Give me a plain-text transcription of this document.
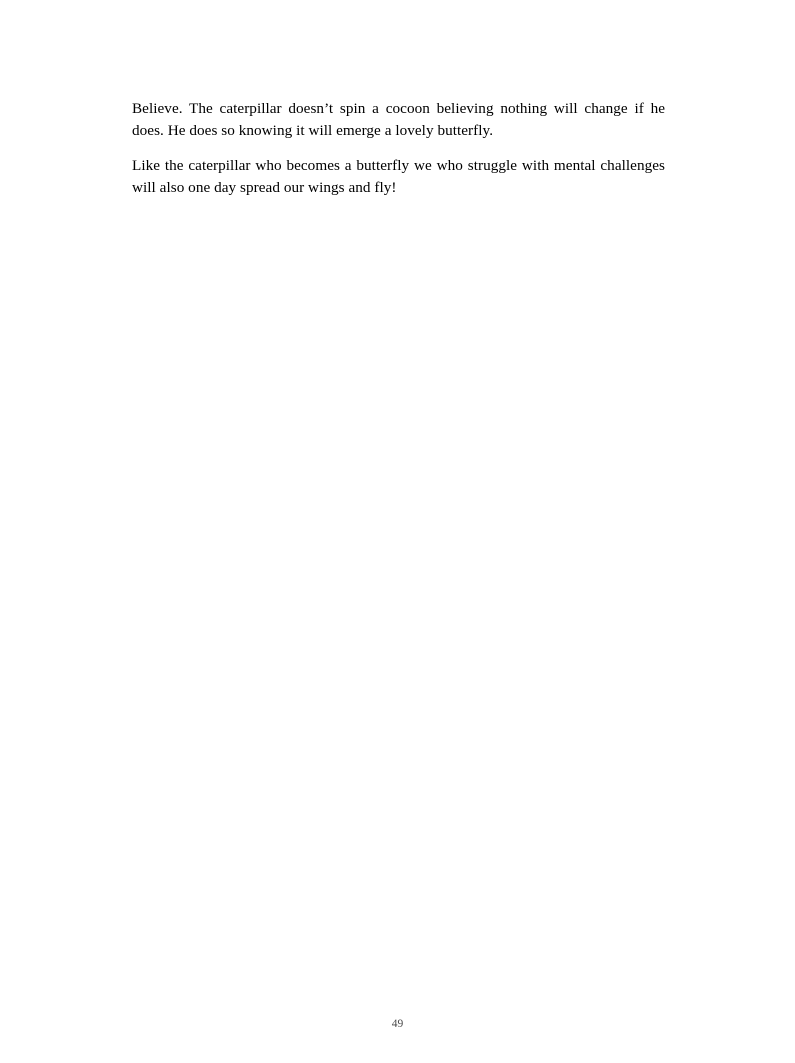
Believe. The caterpillar doesn’t spin a cocoon believing nothing will change if he does. He does so knowing it will emerge a lovely butterfly.

Like the caterpillar who becomes a butterfly we who struggle with mental challenges will also one day spread our wings and fly!

49
